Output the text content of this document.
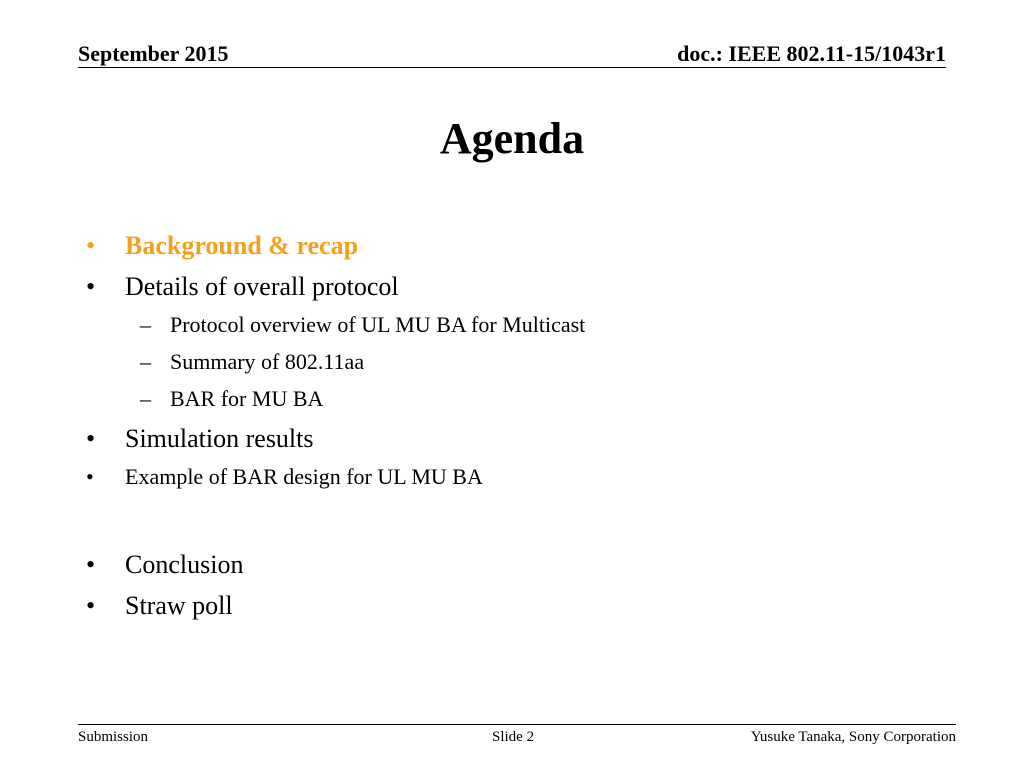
September 2015	doc.: IEEE 802.11-15/1043r1
Agenda
• Background & recap
• Details of overall protocol
– Protocol overview of UL MU BA for Multicast
– Summary of 802.11aa
– BAR for MU BA
• Simulation results
• Example of BAR design for UL MU BA
• Conclusion
• Straw poll
Submission	Slide 2	Yusuke Tanaka, Sony Corporation
